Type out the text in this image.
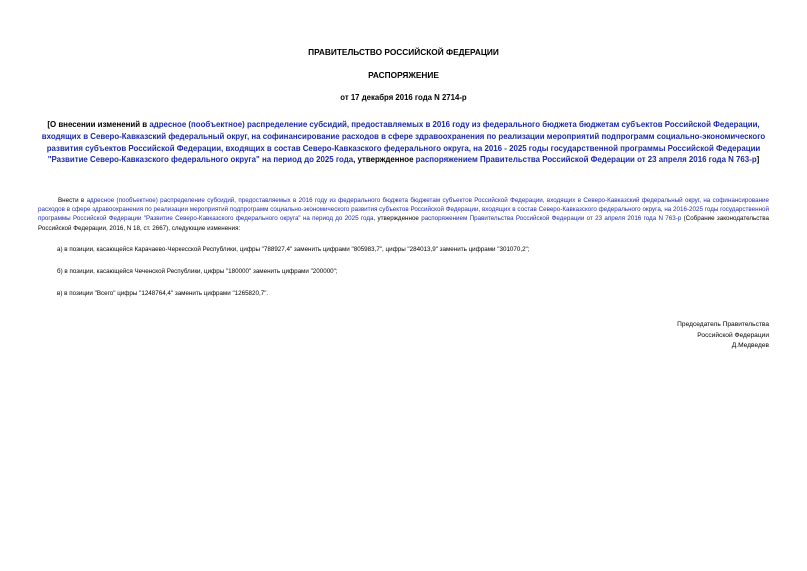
ПРАВИТЕЛЬСТВО РОССИЙСКОЙ ФЕДЕРАЦИИ
РАСПОРЯЖЕНИЕ
от 17 декабря 2016 года N 2714-р
[О внесении изменений в адресное (пообъектное) распределение субсидий, предоставляемых в 2016 году из федерального бюджета бюджетам субъектов Российской Федерации, входящих в Северо-Кавказский федеральный округ, на софинансирование расходов в сфере здравоохранения по реализации мероприятий подпрограмм социально-экономического развития субъектов Российской Федерации, входящих в состав Северо-Кавказского федерального округа, на 2016 - 2025 годы государственной программы Российской Федерации "Развитие Северо-Кавказского федерального округа" на период до 2025 года, утвержденное распоряжением Правительства Российской Федерации от 23 апреля 2016 года N 763-р]

Внести в адресное (пообъектное) распределение субсидий, предоставляемых в 2016 году из федерального бюджета бюджетам субъектов Российской Федерации, входящих в Северо-Кавказский федеральный округ, на софинансирование расходов в сфере здравоохранения по реализации мероприятий подпрограмм социально-экономического развития субъектов Российской Федерации, входящих в состав Северо-Кавказского федерального округа, на 2016-2025 годы государственной программы Российской Федерации "Развитие Северо-Кавказского федерального округа" на период до 2025 года, утвержденное распоряжением Правительства Российской Федерации от 23 апреля 2016 года N 763-р (Собрание законодательства Российской Федерации, 2016, N 18, ст. 2667), следующие изменения:

а) в позиции, касающейся Карачаево-Черкесской Республики, цифры "788927,4" заменить цифрами "805983,7", цифры "284013,9" заменить цифрами "301070,2";
б) в позиции, касающейся Чеченской Республики, цифры "180000" заменить цифрами "200000";
в) в позиции "Всего" цифры "1248764,4" заменить цифрами "1265820,7".
Председатель Правительства
Российской Федерации
Д.Медведев
